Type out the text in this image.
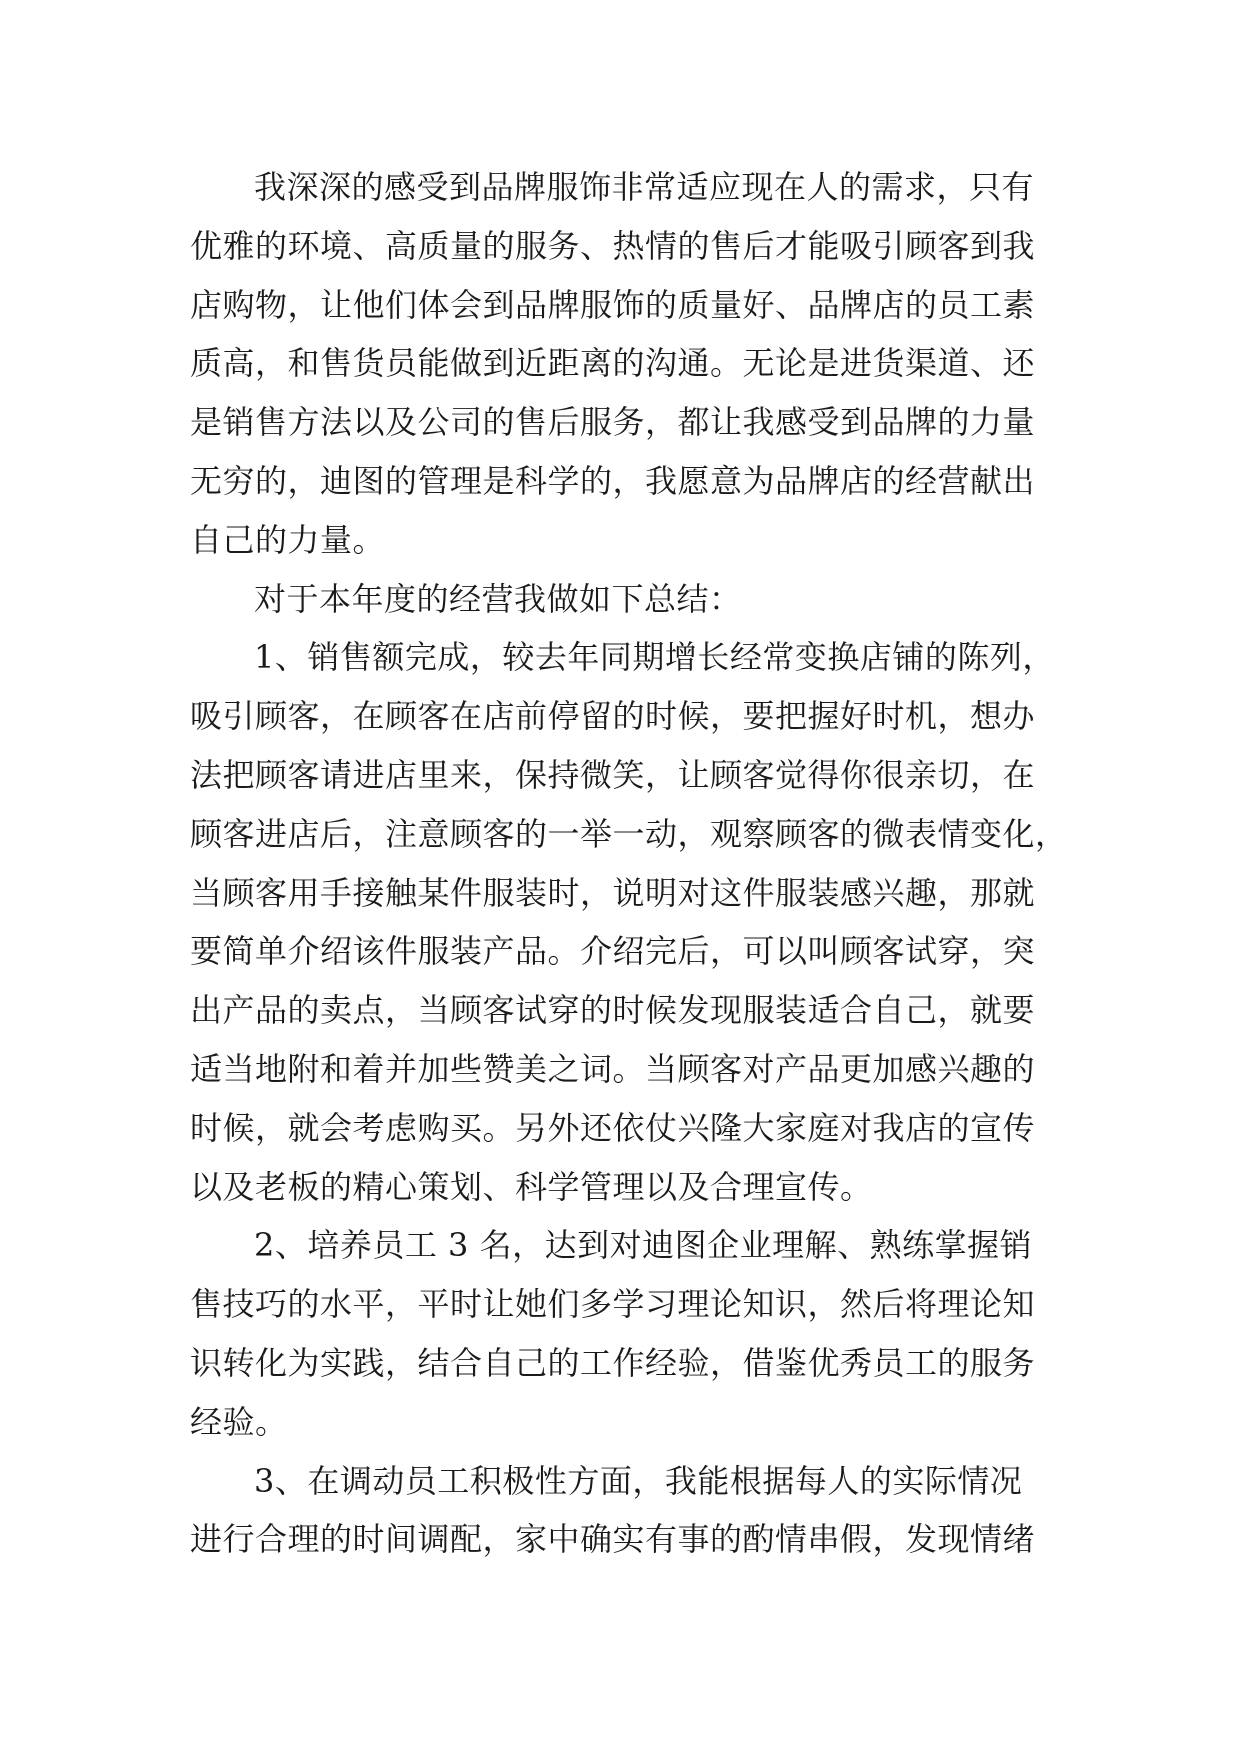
我深深的感受到品牌服饰非常适应现在人的需求，只有
优雅的环境、高质量的服务、热情的售后才能吸引顾客到我
店购物，让他们体会到品牌服饰的质量好、品牌店的员工素
质高，和售货员能做到近距离的沟通。无论是进货渠道、还
是销售方法以及公司的售后服务，都让我感受到品牌的力量
无穷的，迪图的管理是科学的，我愿意为品牌店的经营献出
自己的力量。
对于本年度的经营我做如下总结：
1、销售额完成，较去年同期增长经常变换店铺的陈列，
吸引顾客，在顾客在店前停留的时候，要把握好时机，想办
法把顾客请进店里来，保持微笑，让顾客觉得你很亲切，在
顾客进店后，注意顾客的一举一动，观察顾客的微表情变化，
当顾客用手接触某件服装时，说明对这件服装感兴趣，那就
要简单介绍该件服装产品。介绍完后，可以叫顾客试穿，突
出产品的卖点，当顾客试穿的时候发现服装适合自己，就要
适当地附和着并加些赞美之词。当顾客对产品更加感兴趣的
时候，就会考虑购买。另外还依仗兴隆大家庭对我店的宣传
以及老板的精心策划、科学管理以及合理宣传。
2、培养员工 3 名，达到对迪图企业理解、熟练掌握销
售技巧的水平，平时让她们多学习理论知识，然后将理论知
识转化为实践，结合自己的工作经验，借鉴优秀员工的服务
经验。
3、在调动员工积极性方面，我能根据每人的实际情况
进行合理的时间调配，家中确实有事的酌情串假，发现情绪
